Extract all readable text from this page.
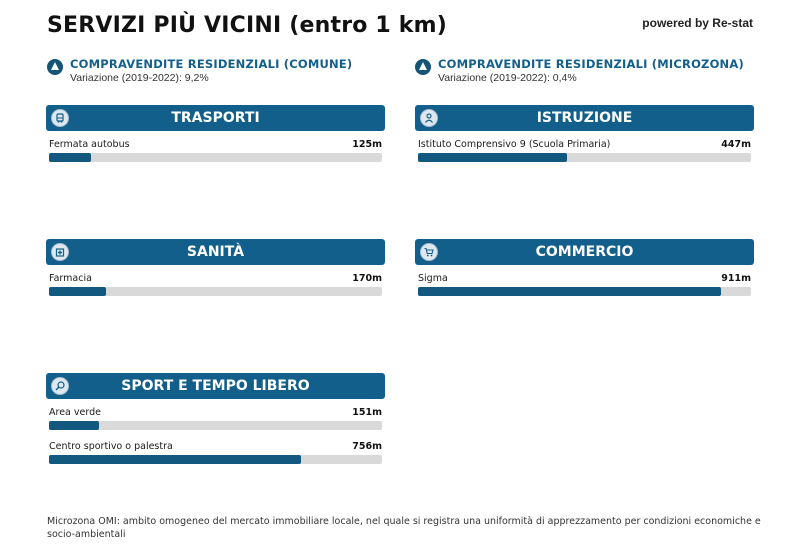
SERVIZI PIÙ VICINI (entro 1 km)	powered by Re-stat
COMPRAVENDITE RESIDENZIALI (COMUNE)
Variazione (2019-2022): 9,2%
COMPRAVENDITE RESIDENZIALI (MICROZONA)
Variazione (2019-2022): 0,4%
TRASPORTI
Fermata autobus	125m
ISTRUZIONE
Istituto Comprensivo 9 (Scuola Primaria)	447m
SANITÀ
Farmacia	170m
COMMERCIO
Sigma	911m
SPORT E TEMPO LIBERO
Area verde	151m
Centro sportivo o palestra	756m
Microzona OMI: ambito omogeneo del mercato immobiliare locale, nel quale si registra una uniformità di apprezzamento per condizioni economiche e socio-ambientali
